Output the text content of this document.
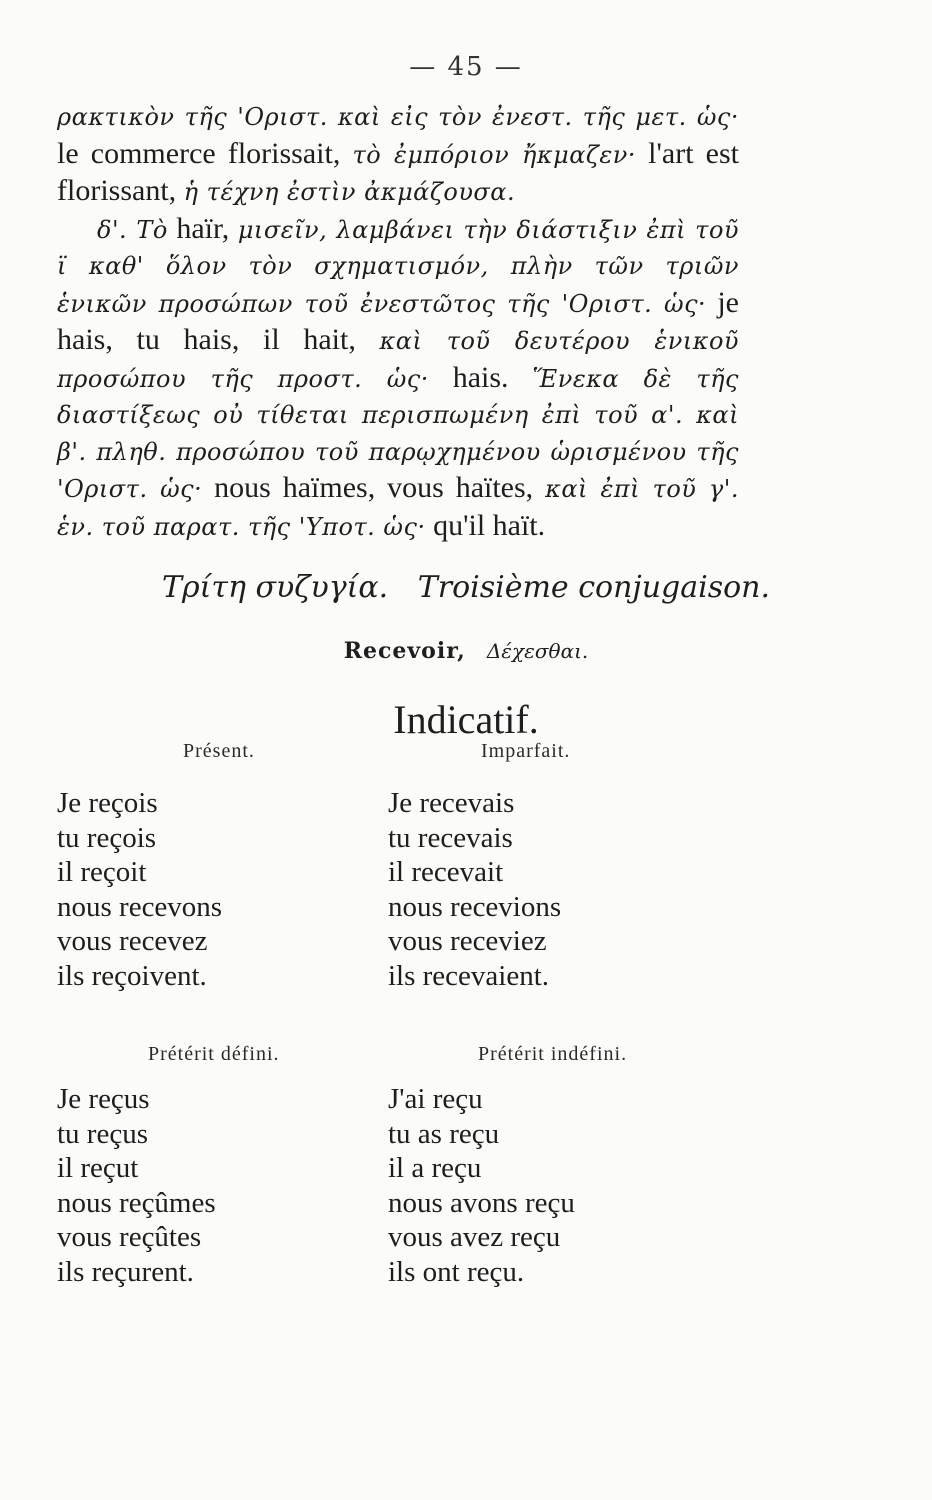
— 45 —

ρακτικὸν τῆς 'Οριστ. καὶ εἰς τὸν ἐνεστ. τῆς μετ. ὡς· le commerce florissait, τὸ ἐμπόριον ἤκμαζεν· l'art est florissant, ἡ τέχνη ἐστὶν ἀκμάζουσα.

δ'. Τὸ haïr, μισεῖν, λαμβάνει τὴν διάστιξιν ἐπὶ τοῦ ϊ καθ' ὅλον τὸν σχηματισμόν, πλὴν τῶν τριῶν ἑνικῶν προσώπων τοῦ ἐνεστῶτος τῆς 'Οριστ. ὡς· je hais, tu hais, il hait, καὶ τοῦ δευτέρου ἑνικοῦ προσώπου τῆς προστ. ὡς· hais. Ἕνεκα δὲ τῆς διαστίξεως οὐ τίθεται περισπωμένη ἐπὶ τοῦ α'. καὶ β'. πληθ. προσώπου τοῦ παρῳχημένου ὡρισμένου τῆς 'Οριστ. ὡς· nous haïmes, vous haïtes, καὶ ἐπὶ τοῦ γ'. ἑν. τοῦ παρατ. τῆς 'Υποτ. ὡς· qu'il haït.

Τρίτη συζυγία. Troisième conjugaison.
Recevoir, Δέχεσθαι.
Indicatif.
Présent.	Imparfait.
Je reçois
tu reçois
il reçoit
nous recevons
vous recevez
ils reçoivent.
Je recevais
tu recevais
il recevait
nous recevions
vous receviez
ils recevaient.
Prétérit défini.	Prétérit indéfini.
Je reçus
tu reçus
il reçut
nous reçûmes
vous reçûtes
ils reçurent.
J'ai reçu
tu as reçu
il a reçu
nous avons reçu
vous avez reçu
ils ont reçu.
